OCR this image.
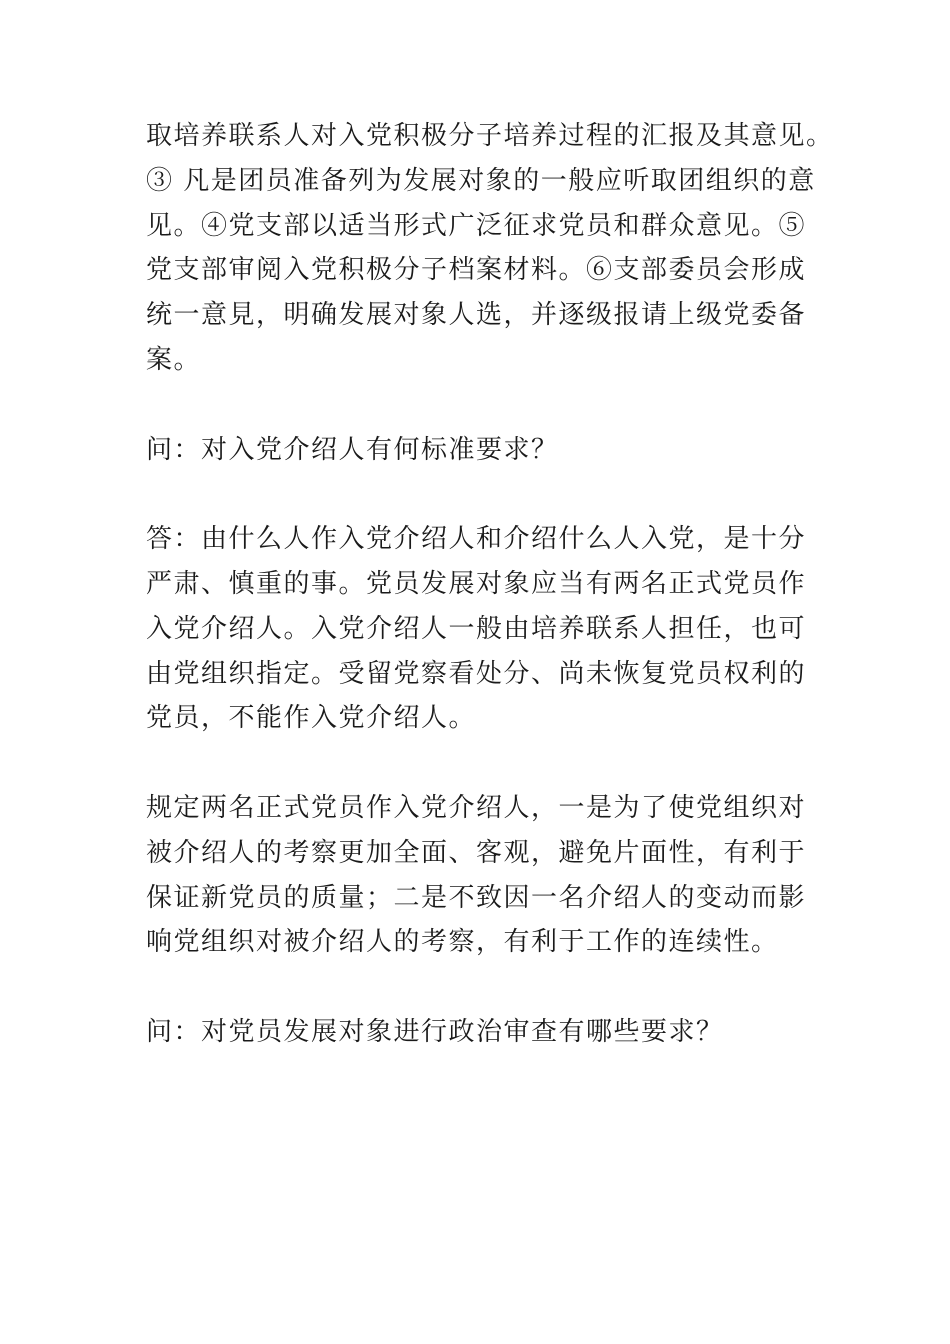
取培养联系人对入党积极分子培养过程的汇报及其意见。
③ 凡是团员准备列为发展对象的一般应听取团组织的意
见。④党支部以适当形式广泛征求党员和群众意见。⑤
党支部审阅入党积极分子档案材料。⑥支部委员会形成
统一意見，明确发展对象人选，并逐级报请上级党委备
案。
问：对入党介绍人有何标准要求？
答：由什么人作入党介绍人和介绍什么人入党，是十分
严肃、慎重的事。党员发展对象应当有两名正式党员作
入党介绍人。入党介绍人一般由培养联系人担任，也可
由党组织指定。受留党察看处分、尚未恢复党员权利的
党员，不能作入党介绍人。
规定两名正式党员作入党介绍人，一是为了使党组织对
被介绍人的考察更加全面、客观，避免片面性，有利于
保证新党员的质量；二是不致因一名介绍人的变动而影
响党组织对被介绍人的考察，有利于工作的连续性。
问：对党员发展对象进行政治审查有哪些要求？
